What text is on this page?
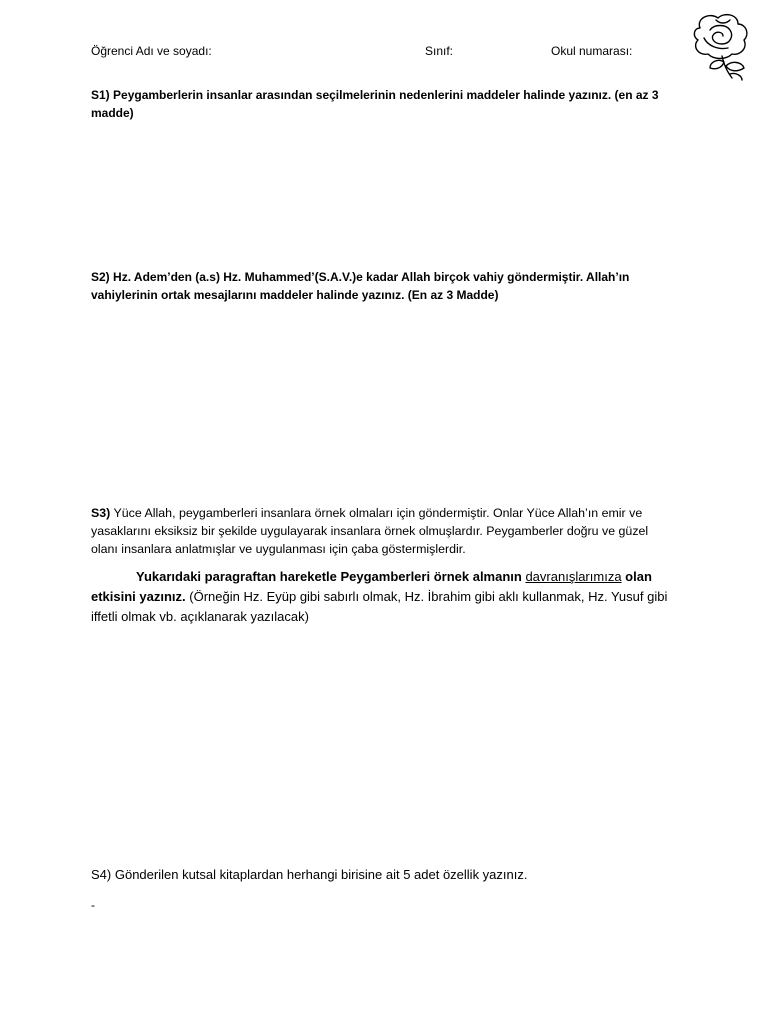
Öğrenci Adı ve soyadı:	Sınıf:	Okul numarası:
S1) Peygamberlerin insanlar arasından seçilmelerinin nedenlerini maddeler halinde yazınız. (en az 3 madde)
S2) Hz. Adem’den (a.s) Hz. Muhammed’(S.A.V.)e kadar Allah birçok vahiy göndermiştir. Allah’ın vahiylerinin ortak mesajlarını maddeler halinde yazınız. (En az 3 Madde)
S3) Yüce Allah, peygamberleri insanlara örnek olmaları için göndermiştir. Onlar Yüce Allah’ın emir ve yasaklarını eksiksiz bir şekilde uygulayarak insanlara örnek olmuşlardır. Peygamberler doğru ve güzel olanı insanlara anlatmışlar ve uygulanması için çaba göstermişlerdir.
Yukarıdaki paragraftan hareketle Peygamberleri örnek almanın davranışlarımıza olan etkisini yazınız. (Örneğin Hz. Eyüp gibi sabırlı olmak, Hz. İbrahim gibi aklı kullanmak, Hz. Yusuf gibi iffetli olmak vb. açıklanarak yazılacak)
S4) Gönderilen kutsal kitaplardan herhangi birisine ait 5 adet özellik yazınız.
-
